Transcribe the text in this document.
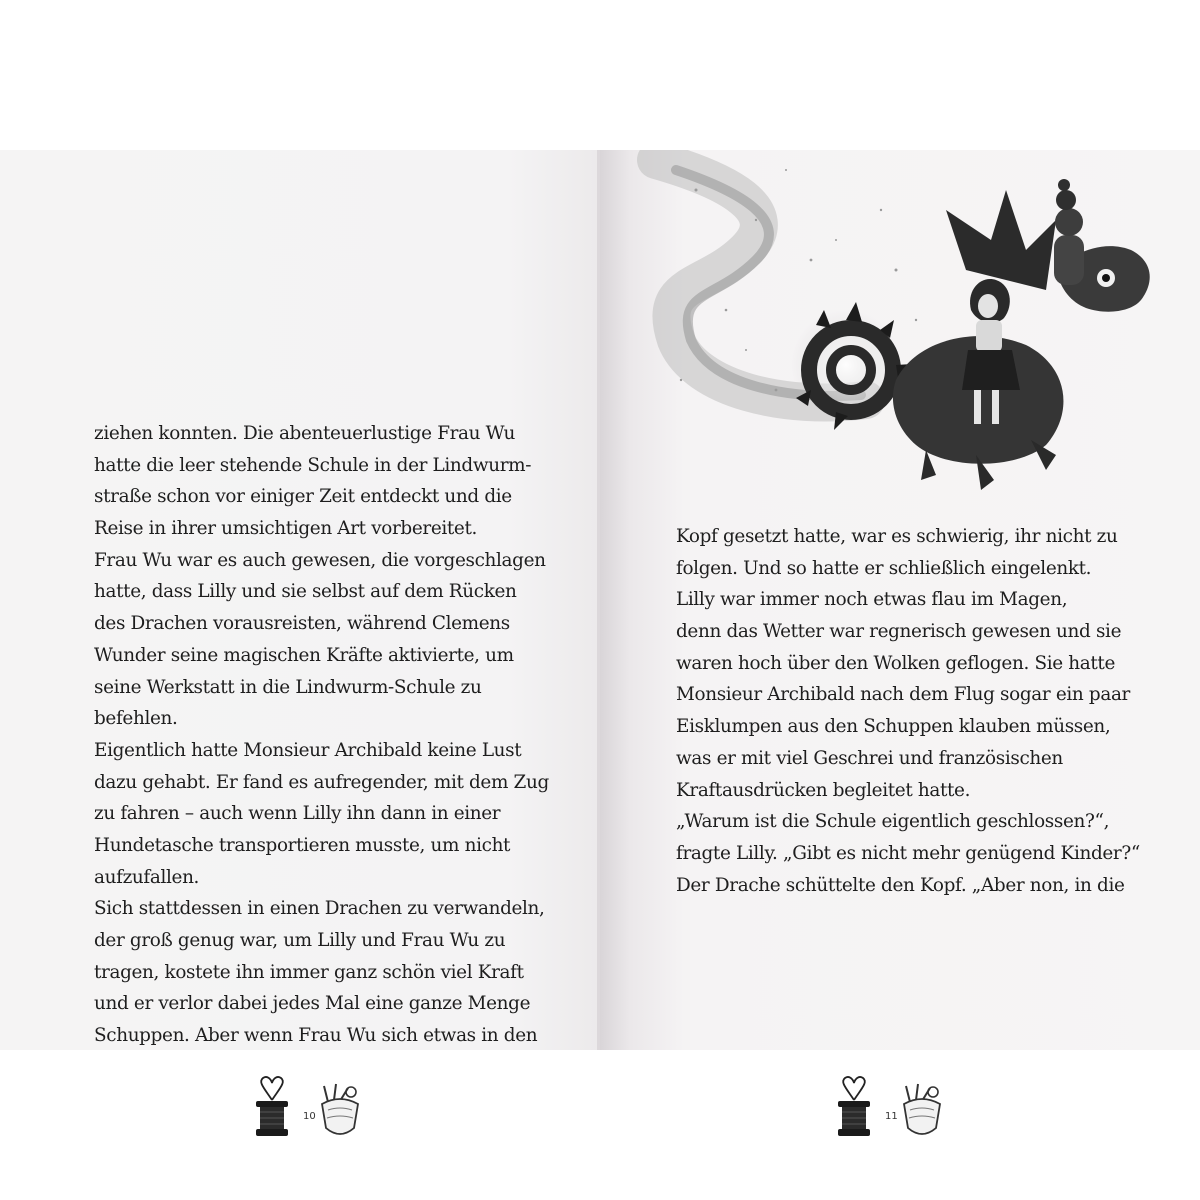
ziehen konnten. Die abenteuerlustige Frau Wu
hatte die leer stehende Schule in der Lindwurm-
straße schon vor einiger Zeit entdeckt und die
Reise in ihrer umsichtigen Art vorbereitet.
Frau Wu war es auch gewesen, die vorgeschlagen
hatte, dass Lilly und sie selbst auf dem Rücken
des Drachen vorausreisten, während Clemens
Wunder seine magischen Kräfte aktivierte, um
seine Werkstatt in die Lindwurm-Schule zu
befehlen.
Eigentlich hatte Monsieur Archibald keine Lust
dazu gehabt. Er fand es aufregender, mit dem Zug
zu fahren – auch wenn Lilly ihn dann in einer
Hundetasche transportieren musste, um nicht
aufzufallen.
Sich stattdessen in einen Drachen zu verwandeln,
der groß genug war, um Lilly und Frau Wu zu
tragen, kostete ihn immer ganz schön viel Kraft
und er verlor dabei jedes Mal eine ganze Menge
Schuppen. Aber wenn Frau Wu sich etwas in den
10
Kopf gesetzt hatte, war es schwierig, ihr nicht zu
folgen. Und so hatte er schließlich eingelenkt.
Lilly war immer noch etwas flau im Magen,
denn das Wetter war regnerisch gewesen und sie
waren hoch über den Wolken geflogen. Sie hatte
Monsieur Archibald nach dem Flug sogar ein paar
Eisklumpen aus den Schuppen klauben müssen,
was er mit viel Geschrei und französischen
Kraftausdrücken begleitet hatte.
„Warum ist die Schule eigentlich geschlossen?“,
fragte Lilly. „Gibt es nicht mehr genügend Kinder?“
Der Drache schüttelte den Kopf. „Aber non, in die
11
